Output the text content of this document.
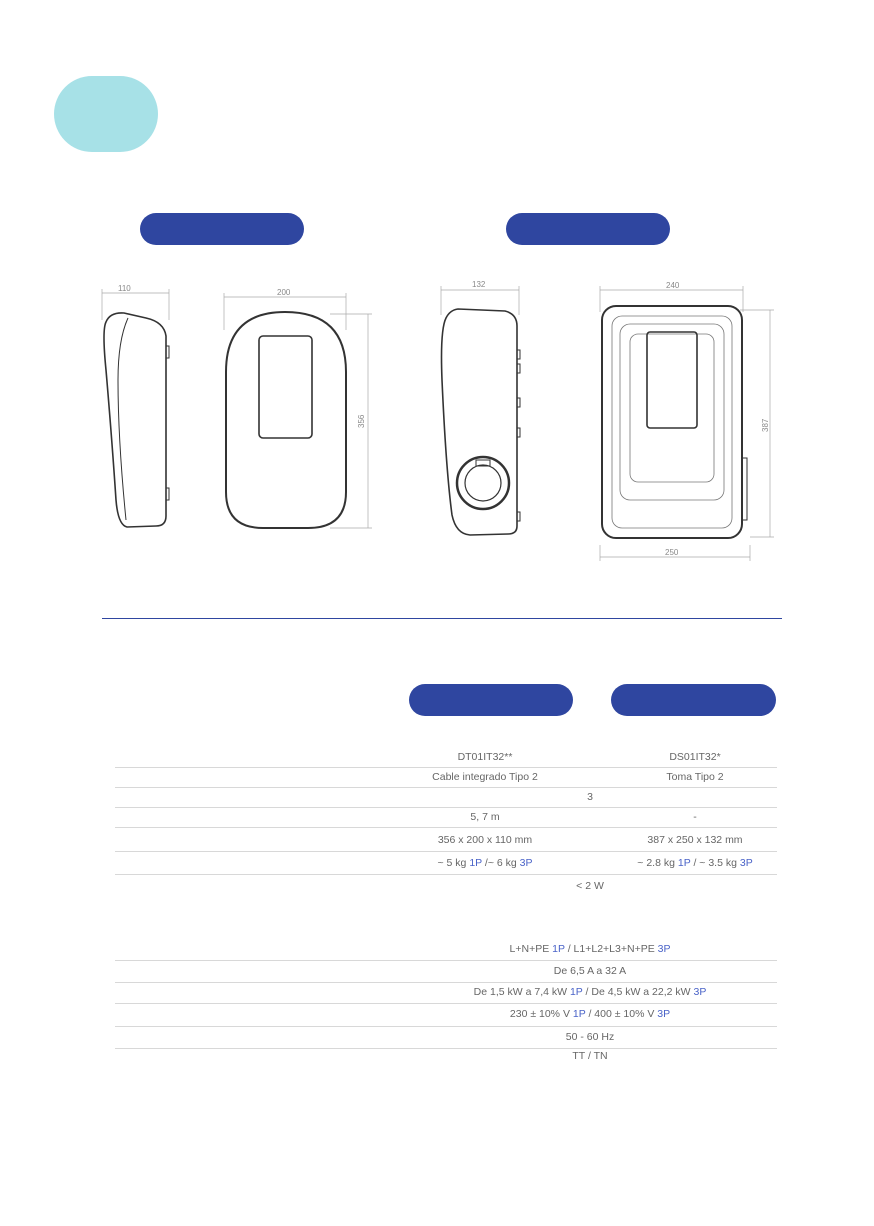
110	200
356
132	240
387
250
DT01IT32**	DS01IT32*
Cable integrado Tipo 2	Toma Tipo 2
3
5, 7 m	-
356 x 200 x 110 mm	387 x 250 x 132 mm
~ 5 kg 1P /~ 6 kg 3P	~ 2.8 kg 1P / ~ 3.5 kg 3P
< 2 W
L+N+PE 1P / L1+L2+L3+N+PE 3P
De 6,5 A a 32 A
De 1,5 kW a 7,4 kW 1P / De 4,5 kW a 22,2 kW 3P
230 ± 10% V 1P / 400 ± 10% V 3P
50 - 60 Hz
TT / TN
